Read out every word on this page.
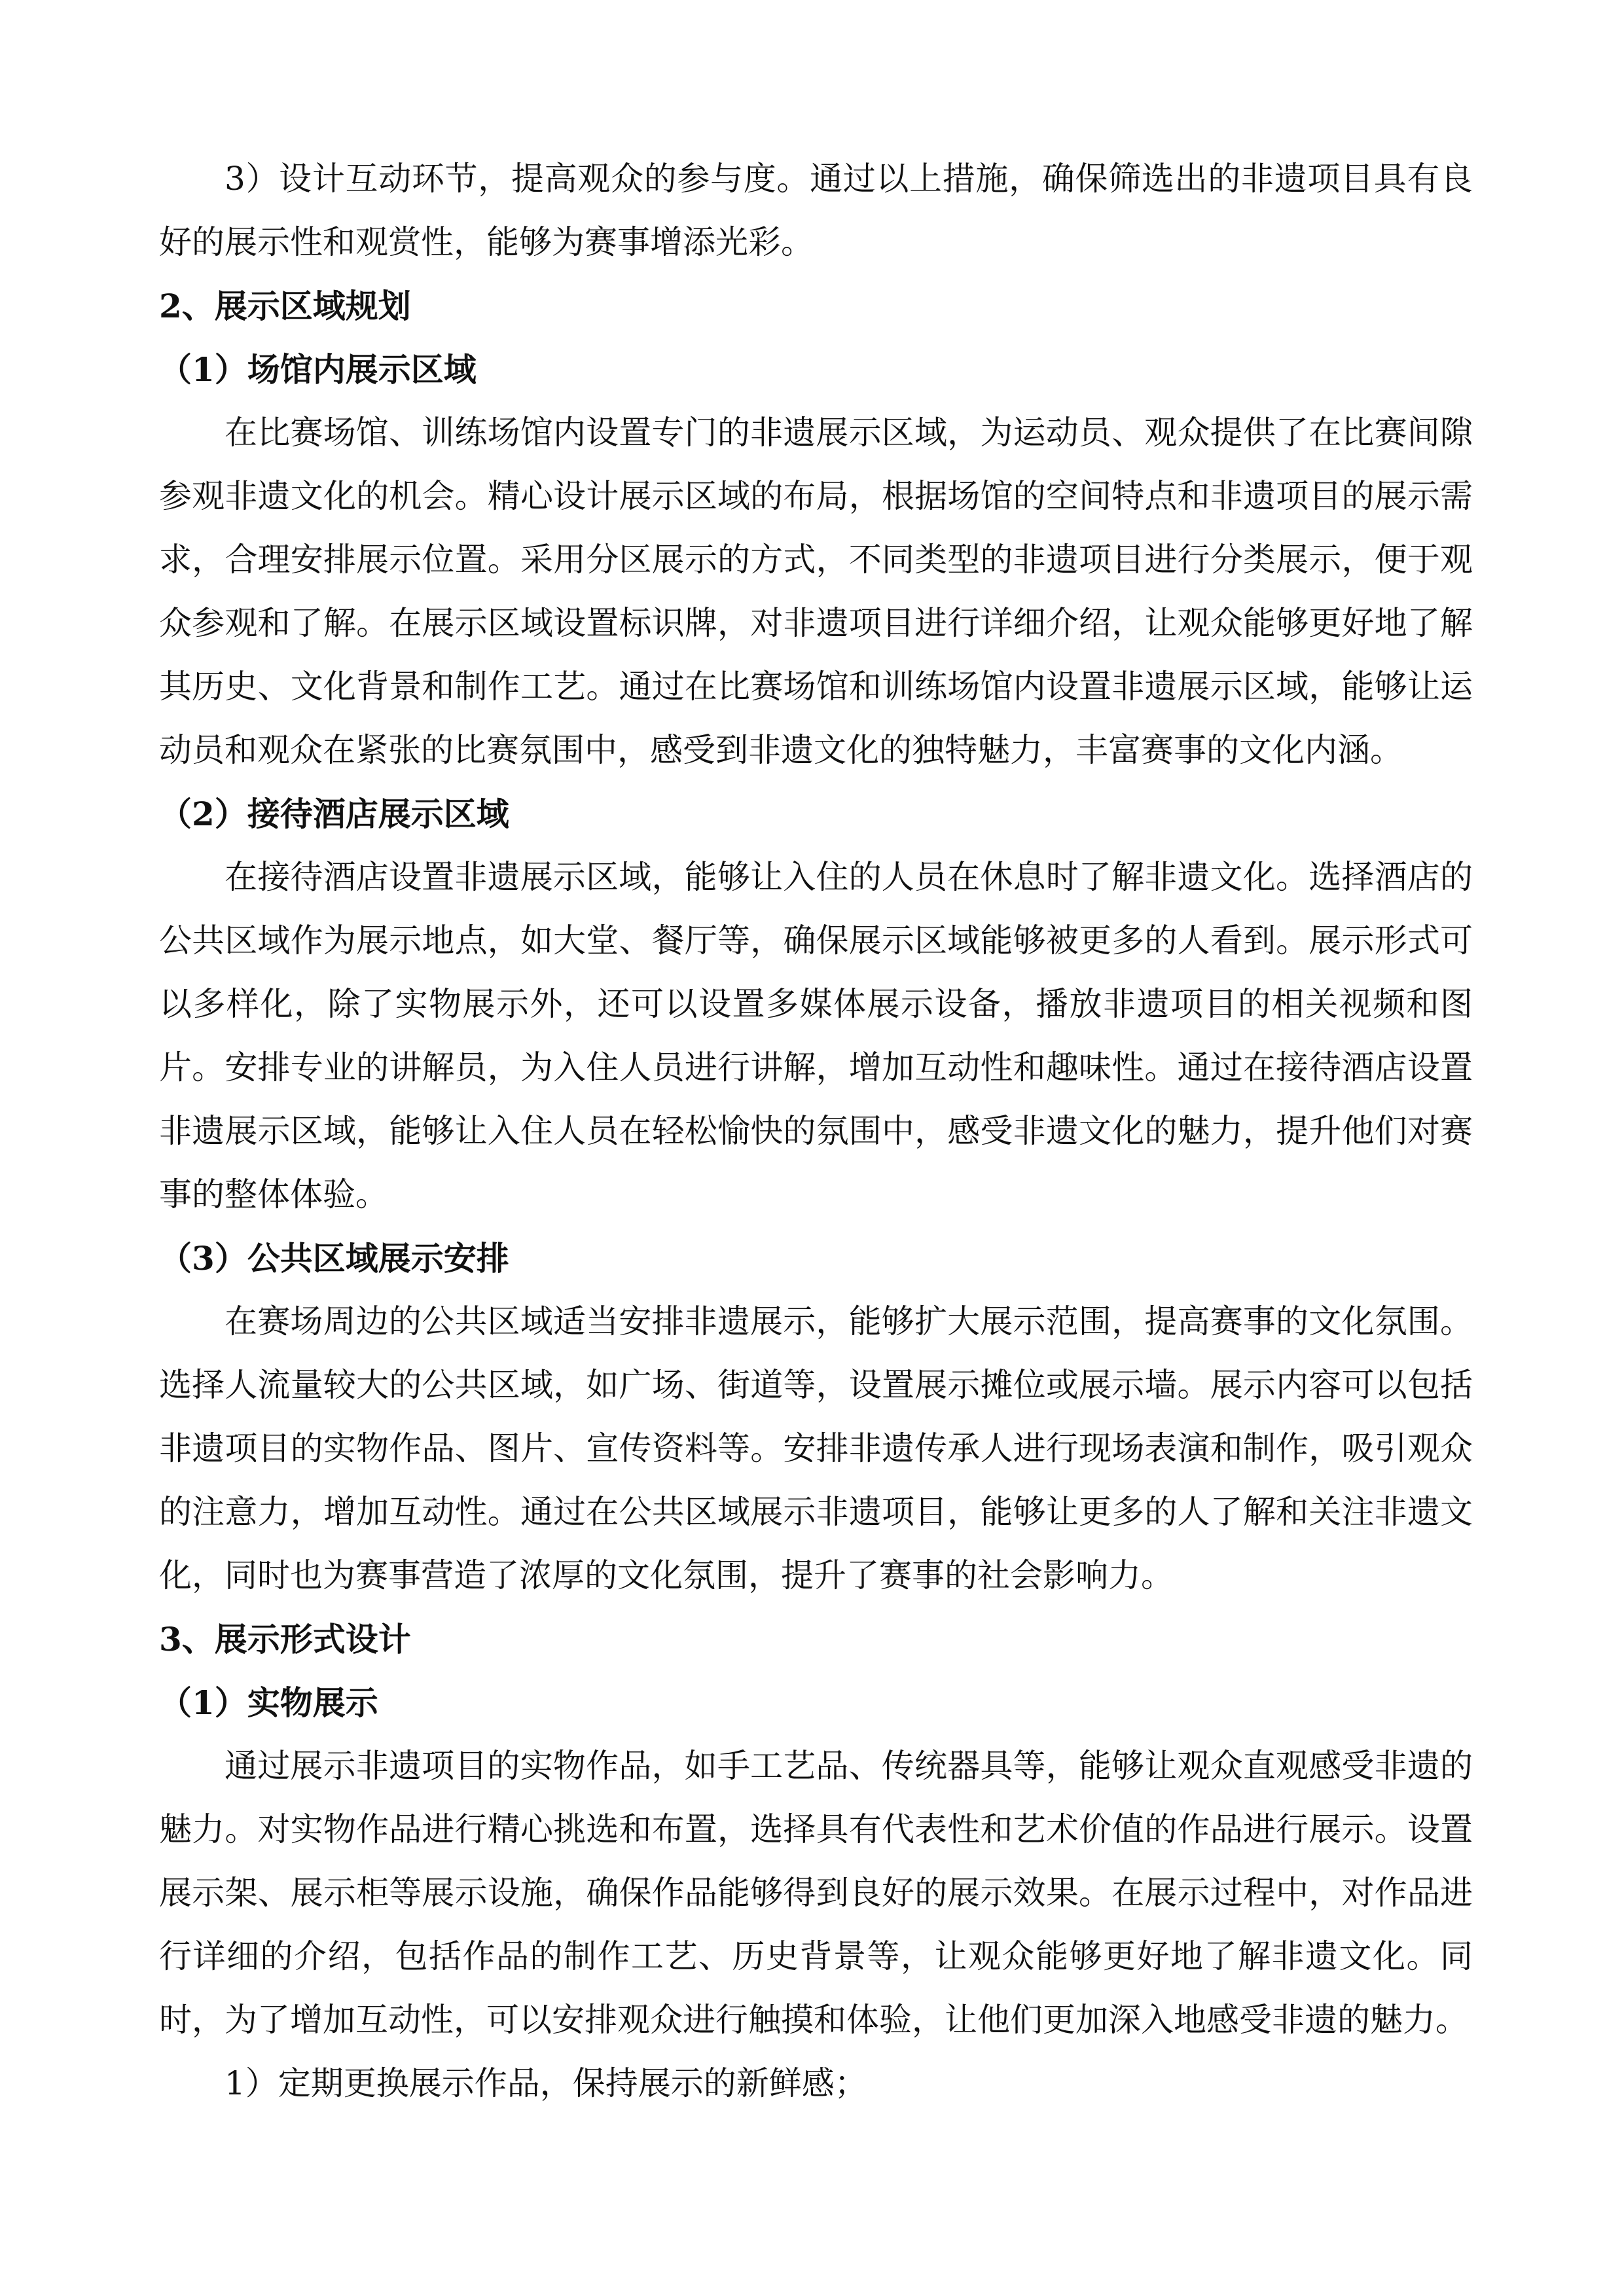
3）设计互动环节，提高观众的参与度。通过以上措施，确保筛选出的非遗项目具有良好的展示性和观赏性，能够为赛事增添光彩。

2、展示区域规划

（1）场馆内展示区域

在比赛场馆、训练场馆内设置专门的非遗展示区域，为运动员、观众提供了在比赛间隙参观非遗文化的机会。精心设计展示区域的布局，根据场馆的空间特点和非遗项目的展示需求，合理安排展示位置。采用分区展示的方式，不同类型的非遗项目进行分类展示，便于观众参观和了解。在展示区域设置标识牌，对非遗项目进行详细介绍，让观众能够更好地了解其历史、文化背景和制作工艺。通过在比赛场馆和训练场馆内设置非遗展示区域，能够让运动员和观众在紧张的比赛氛围中，感受到非遗文化的独特魅力，丰富赛事的文化内涵。

（2）接待酒店展示区域

在接待酒店设置非遗展示区域，能够让入住的人员在休息时了解非遗文化。选择酒店的公共区域作为展示地点，如大堂、餐厅等，确保展示区域能够被更多的人看到。展示形式可以多样化，除了实物展示外，还可以设置多媒体展示设备，播放非遗项目的相关视频和图片。安排专业的讲解员，为入住人员进行讲解，增加互动性和趣味性。通过在接待酒店设置非遗展示区域，能够让入住人员在轻松愉快的氛围中，感受非遗文化的魅力，提升他们对赛事的整体体验。

（3）公共区域展示安排

在赛场周边的公共区域适当安排非遗展示，能够扩大展示范围，提高赛事的文化氛围。选择人流量较大的公共区域，如广场、街道等，设置展示摊位或展示墙。展示内容可以包括非遗项目的实物作品、图片、宣传资料等。安排非遗传承人进行现场表演和制作，吸引观众的注意力，增加互动性。通过在公共区域展示非遗项目，能够让更多的人了解和关注非遗文化，同时也为赛事营造了浓厚的文化氛围，提升了赛事的社会影响力。

3、展示形式设计

（1）实物展示

通过展示非遗项目的实物作品，如手工艺品、传统器具等，能够让观众直观感受非遗的魅力。对实物作品进行精心挑选和布置，选择具有代表性和艺术价值的作品进行展示。设置展示架、展示柜等展示设施，确保作品能够得到良好的展示效果。在展示过程中，对作品进行详细的介绍，包括作品的制作工艺、历史背景等，让观众能够更好地了解非遗文化。同时，为了增加互动性，可以安排观众进行触摸和体验，让他们更加深入地感受非遗的魅力。

1）定期更换展示作品，保持展示的新鲜感；
